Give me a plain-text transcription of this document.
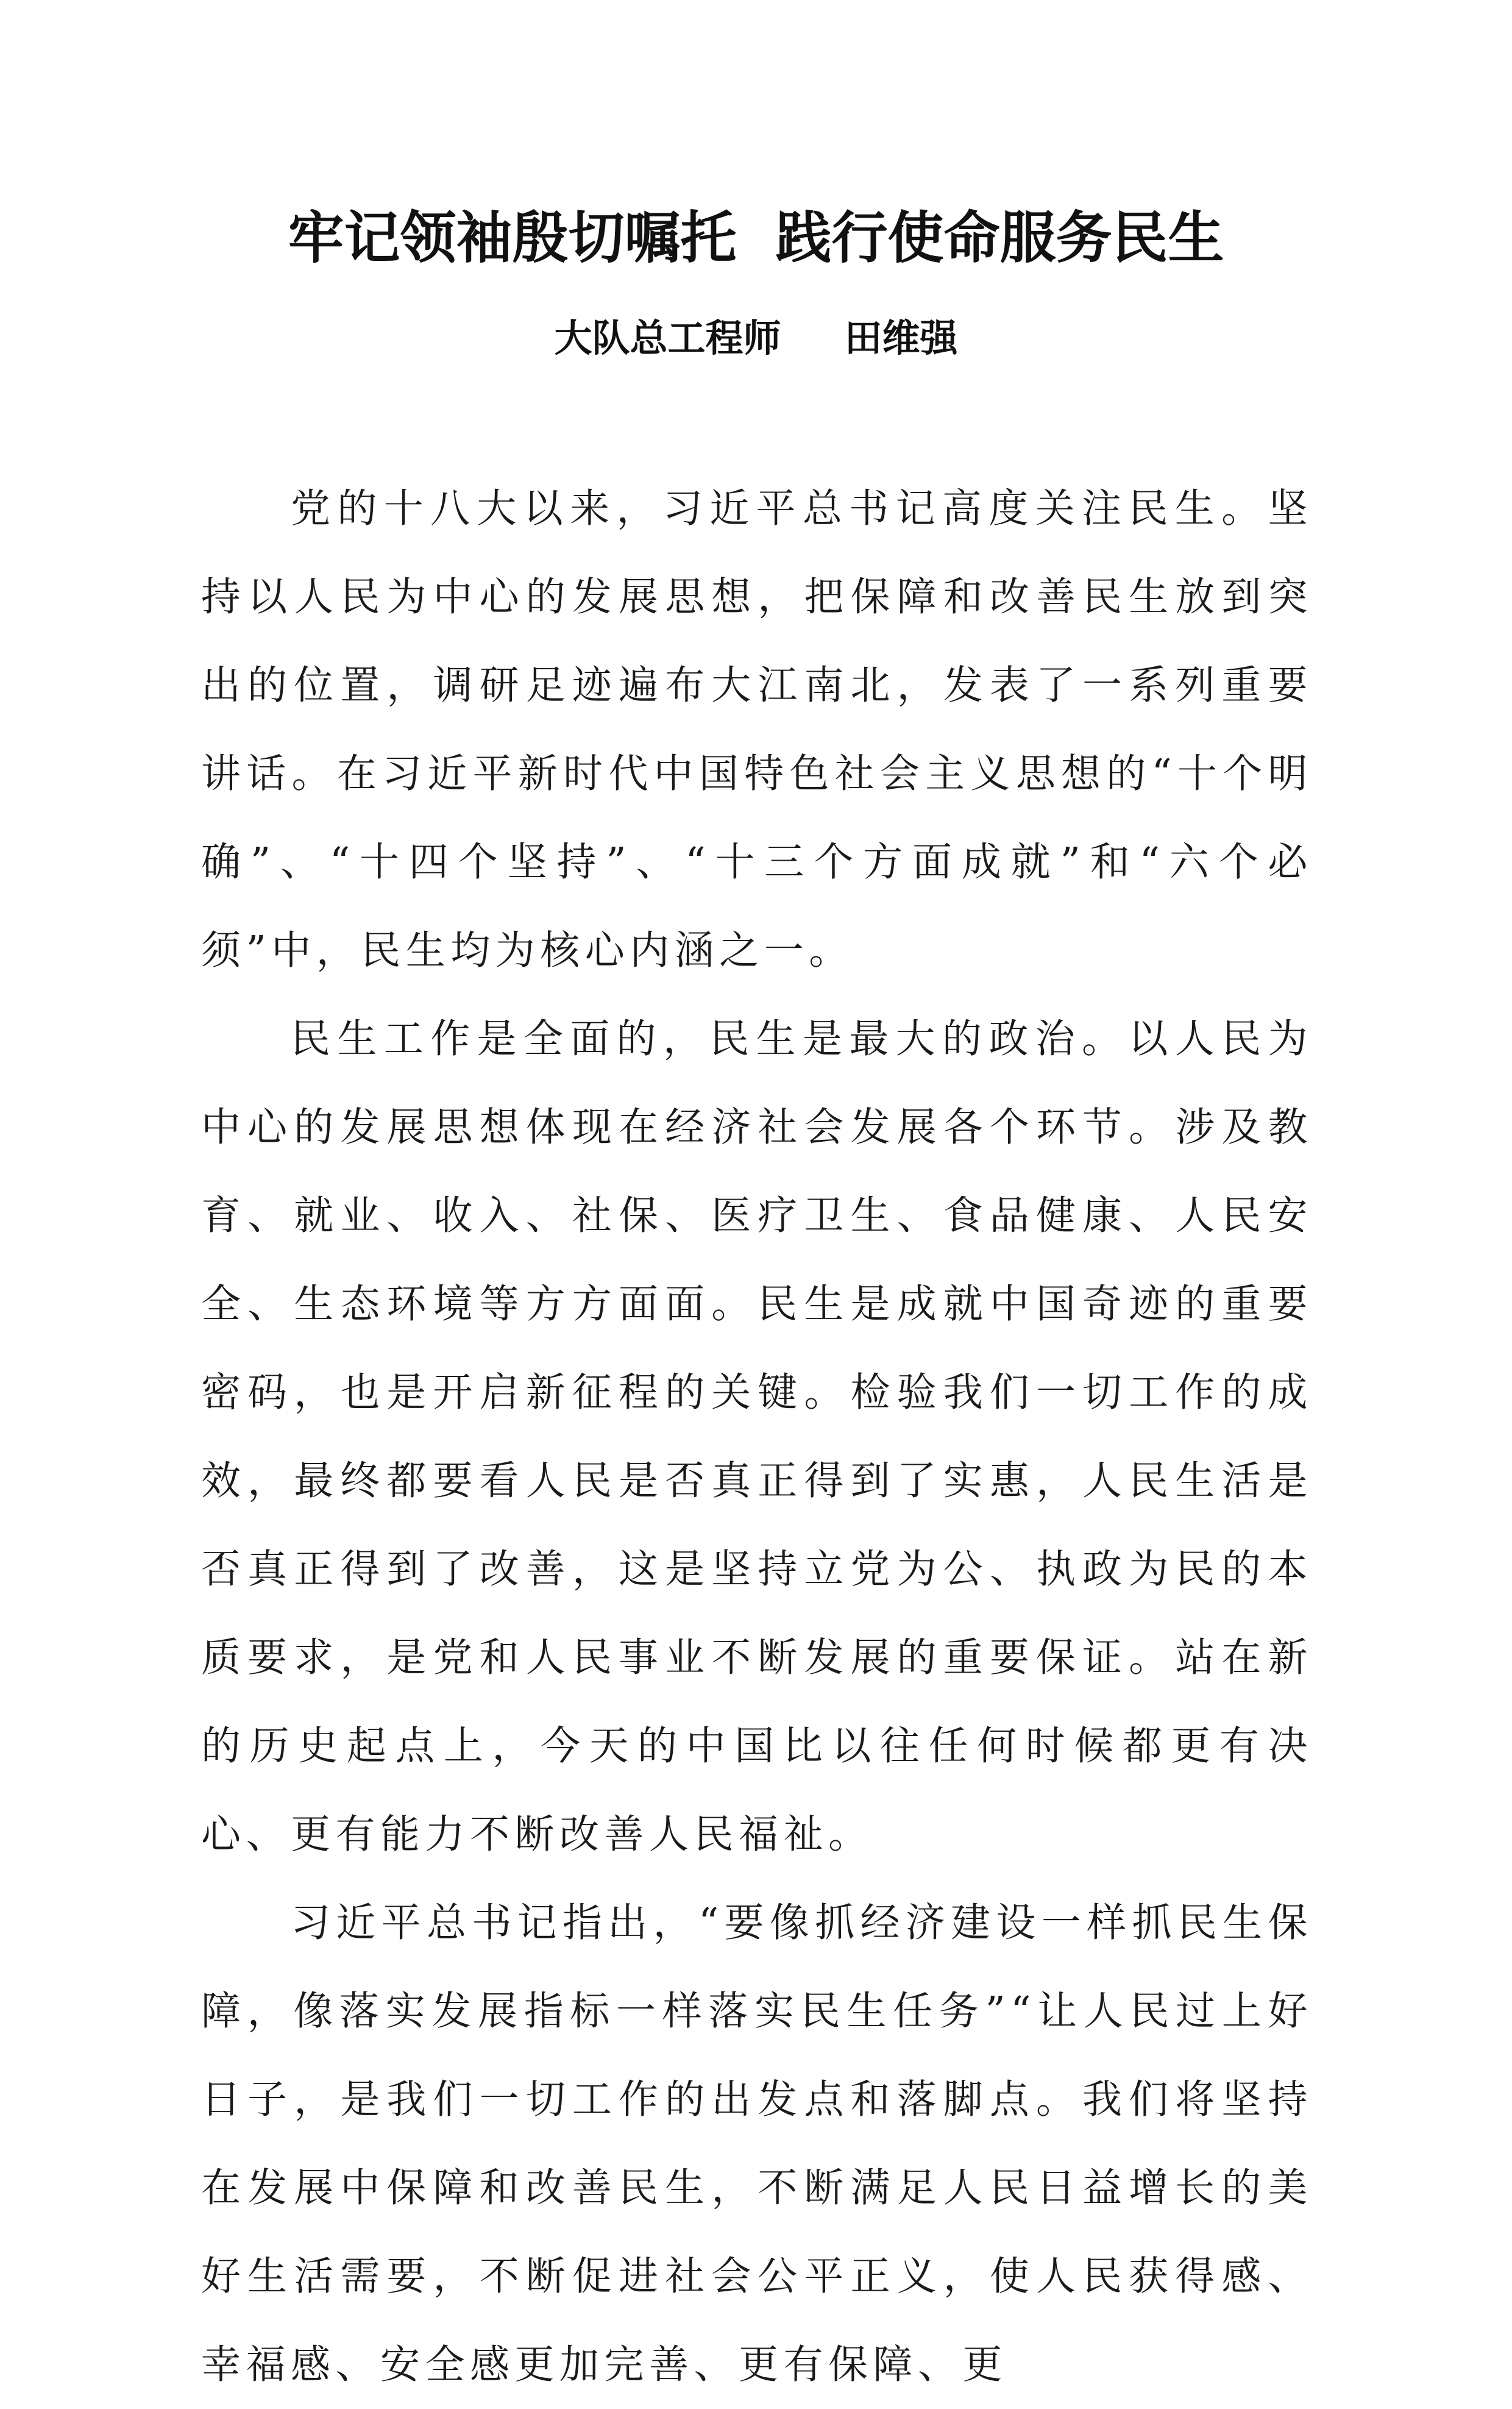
牢记领袖殷切嘱托  践行使命服务民生
大队总工程师 田维强

党的十八大以来，习近平总书记高度关注民生。坚持以人民为中心的发展思想，把保障和改善民生放到突出的位置，调研足迹遍布大江南北，发表了一系列重要讲话。在习近平新时代中国特色社会主义思想的“十个明确”、“十四个坚持”、“十三个方面成就”和“六个必须”中，民生均为核心内涵之一。

民生工作是全面的，民生是最大的政治。以人民为中心的发展思想体现在经济社会发展各个环节。涉及教育、就业、收入、社保、医疗卫生、食品健康、人民安全、生态环境等方方面面。民生是成就中国奇迹的重要密码，也是开启新征程的关键。检验我们一切工作的成效，最终都要看人民是否真正得到了实惠，人民生活是否真正得到了改善，这是坚持立党为公、执政为民的本质要求，是党和人民事业不断发展的重要保证。站在新的历史起点上，今天的中国比以往任何时候都更有决心、更有能力不断改善人民福祉。

习近平总书记指出，“要像抓经济建设一样抓民生保障，像落实发展指标一样落实民生任务”“让人民过上好日子，是我们一切工作的出发点和落脚点。我们将坚持在发展中保障和改善民生，不断满足人民日益增长的美好生活需要，不断促进社会公平正义，使人民获得感、幸福感、安全感更加完善、更有保障、更
